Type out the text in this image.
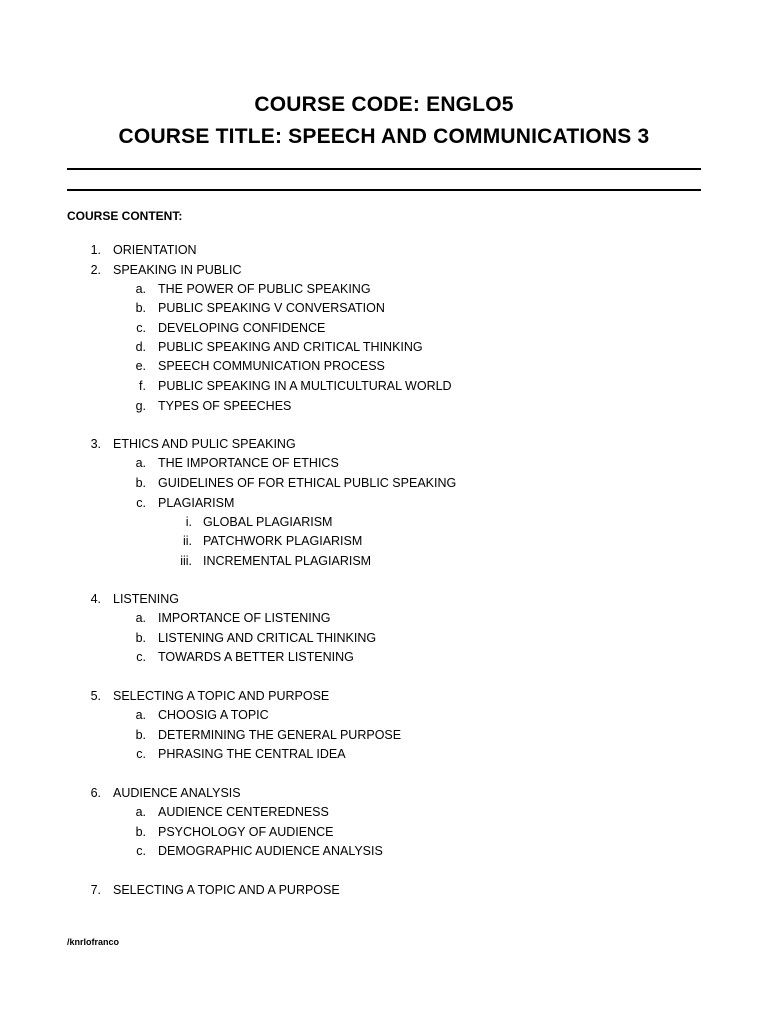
COURSE CODE: ENGLO5
COURSE TITLE: SPEECH AND COMMUNICATIONS 3
COURSE CONTENT:
1. ORIENTATION
2. SPEAKING IN PUBLIC
a. THE POWER OF PUBLIC SPEAKING
b. PUBLIC SPEAKING V CONVERSATION
c. DEVELOPING CONFIDENCE
d. PUBLIC SPEAKING AND CRITICAL THINKING
e. SPEECH COMMUNICATION PROCESS
f. PUBLIC SPEAKING IN A MULTICULTURAL WORLD
g. TYPES OF SPEECHES
3. ETHICS AND PULIC SPEAKING
a. THE IMPORTANCE OF ETHICS
b. GUIDELINES OF FOR ETHICAL PUBLIC SPEAKING
c. PLAGIARISM
i. GLOBAL PLAGIARISM
ii. PATCHWORK PLAGIARISM
iii. INCREMENTAL PLAGIARISM
4. LISTENING
a. IMPORTANCE OF LISTENING
b. LISTENING AND CRITICAL THINKING
c. TOWARDS A BETTER LISTENING
5. SELECTING A TOPIC AND PURPOSE
a. CHOOSIG A TOPIC
b. DETERMINING THE GENERAL PURPOSE
c. PHRASING THE CENTRAL IDEA
6. AUDIENCE ANALYSIS
a. AUDIENCE CENTEREDNESS
b. PSYCHOLOGY OF AUDIENCE
c. DEMOGRAPHIC AUDIENCE ANALYSIS
7. SELECTING A TOPIC AND A PURPOSE
/knrlofranco
